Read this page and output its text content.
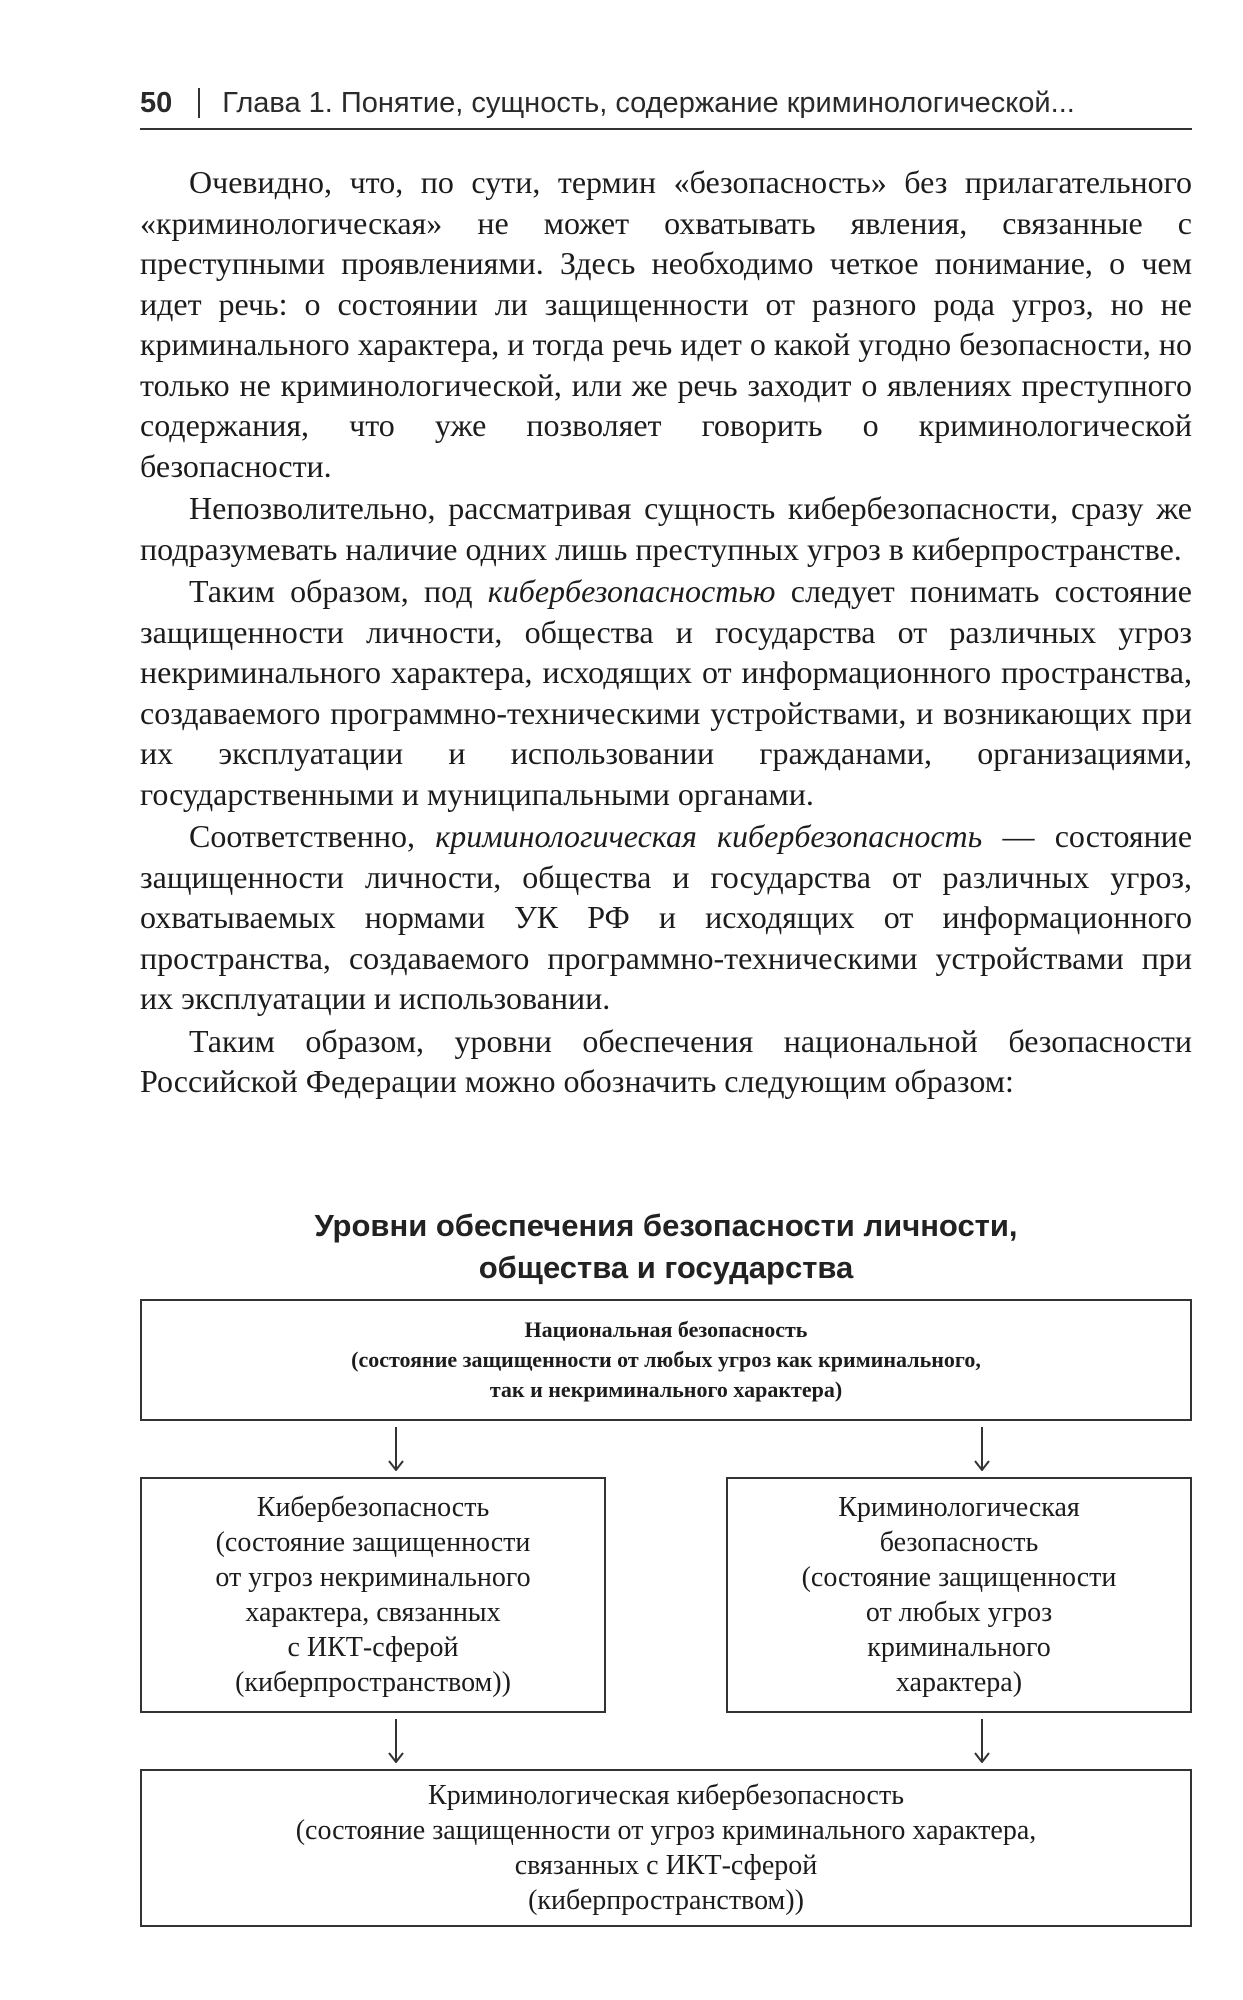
50 Глава 1. Понятие, сущность, содержание криминологической...

Очевидно, что, по сути, термин «безопасность» без прилагательного «криминологическая» не может охватывать явления, связанные с преступными проявлениями. Здесь необходимо четкое понимание, о чем идет речь: о состоянии ли защищенности от разного рода угроз, но не криминального характера, и тогда речь идет о какой угодно безопасности, но только не криминологической, или же речь заходит о явлениях преступного содержания, что уже позволяет говорить о криминологической безопасности.

Непозволительно, рассматривая сущность кибербезопасности, сразу же подразумевать наличие одних лишь преступных угроз в киберпространстве.

Таким образом, под кибербезопасностью следует понимать состояние защищенности личности, общества и государства от различных угроз некриминального характера, исходящих от информационного пространства, создаваемого программно-техническими устройствами, и возникающих при их эксплуатации и использовании гражданами, организациями, государственными и муниципальными органами.

Соответственно, криминологическая кибербезопасность — состояние защищенности личности, общества и государства от различных угроз, охватываемых нормами УК РФ и исходящих от информационного пространства, создаваемого программно-техническими устройствами при их эксплуатации и использовании.

Таким образом, уровни обеспечения национальной безопасности Российской Федерации можно обозначить следующим образом:

Уровни обеспечения безопасности личности,
общества и государства
Национальная безопасность
(состояние защищенности от любых угроз как криминального,
так и некриминального характера)
Кибербезопасность
(состояние защищенности
от угроз некриминального
характера, связанных
с ИКТ-сферой
(киберпространством))
Криминологическая
безопасность
(состояние защищенности
от любых угроз
криминального
характера)
Криминологическая кибербезопасность
(состояние защищенности от угроз криминального характера,
связанных с ИКТ-сферой
(киберпространством))
